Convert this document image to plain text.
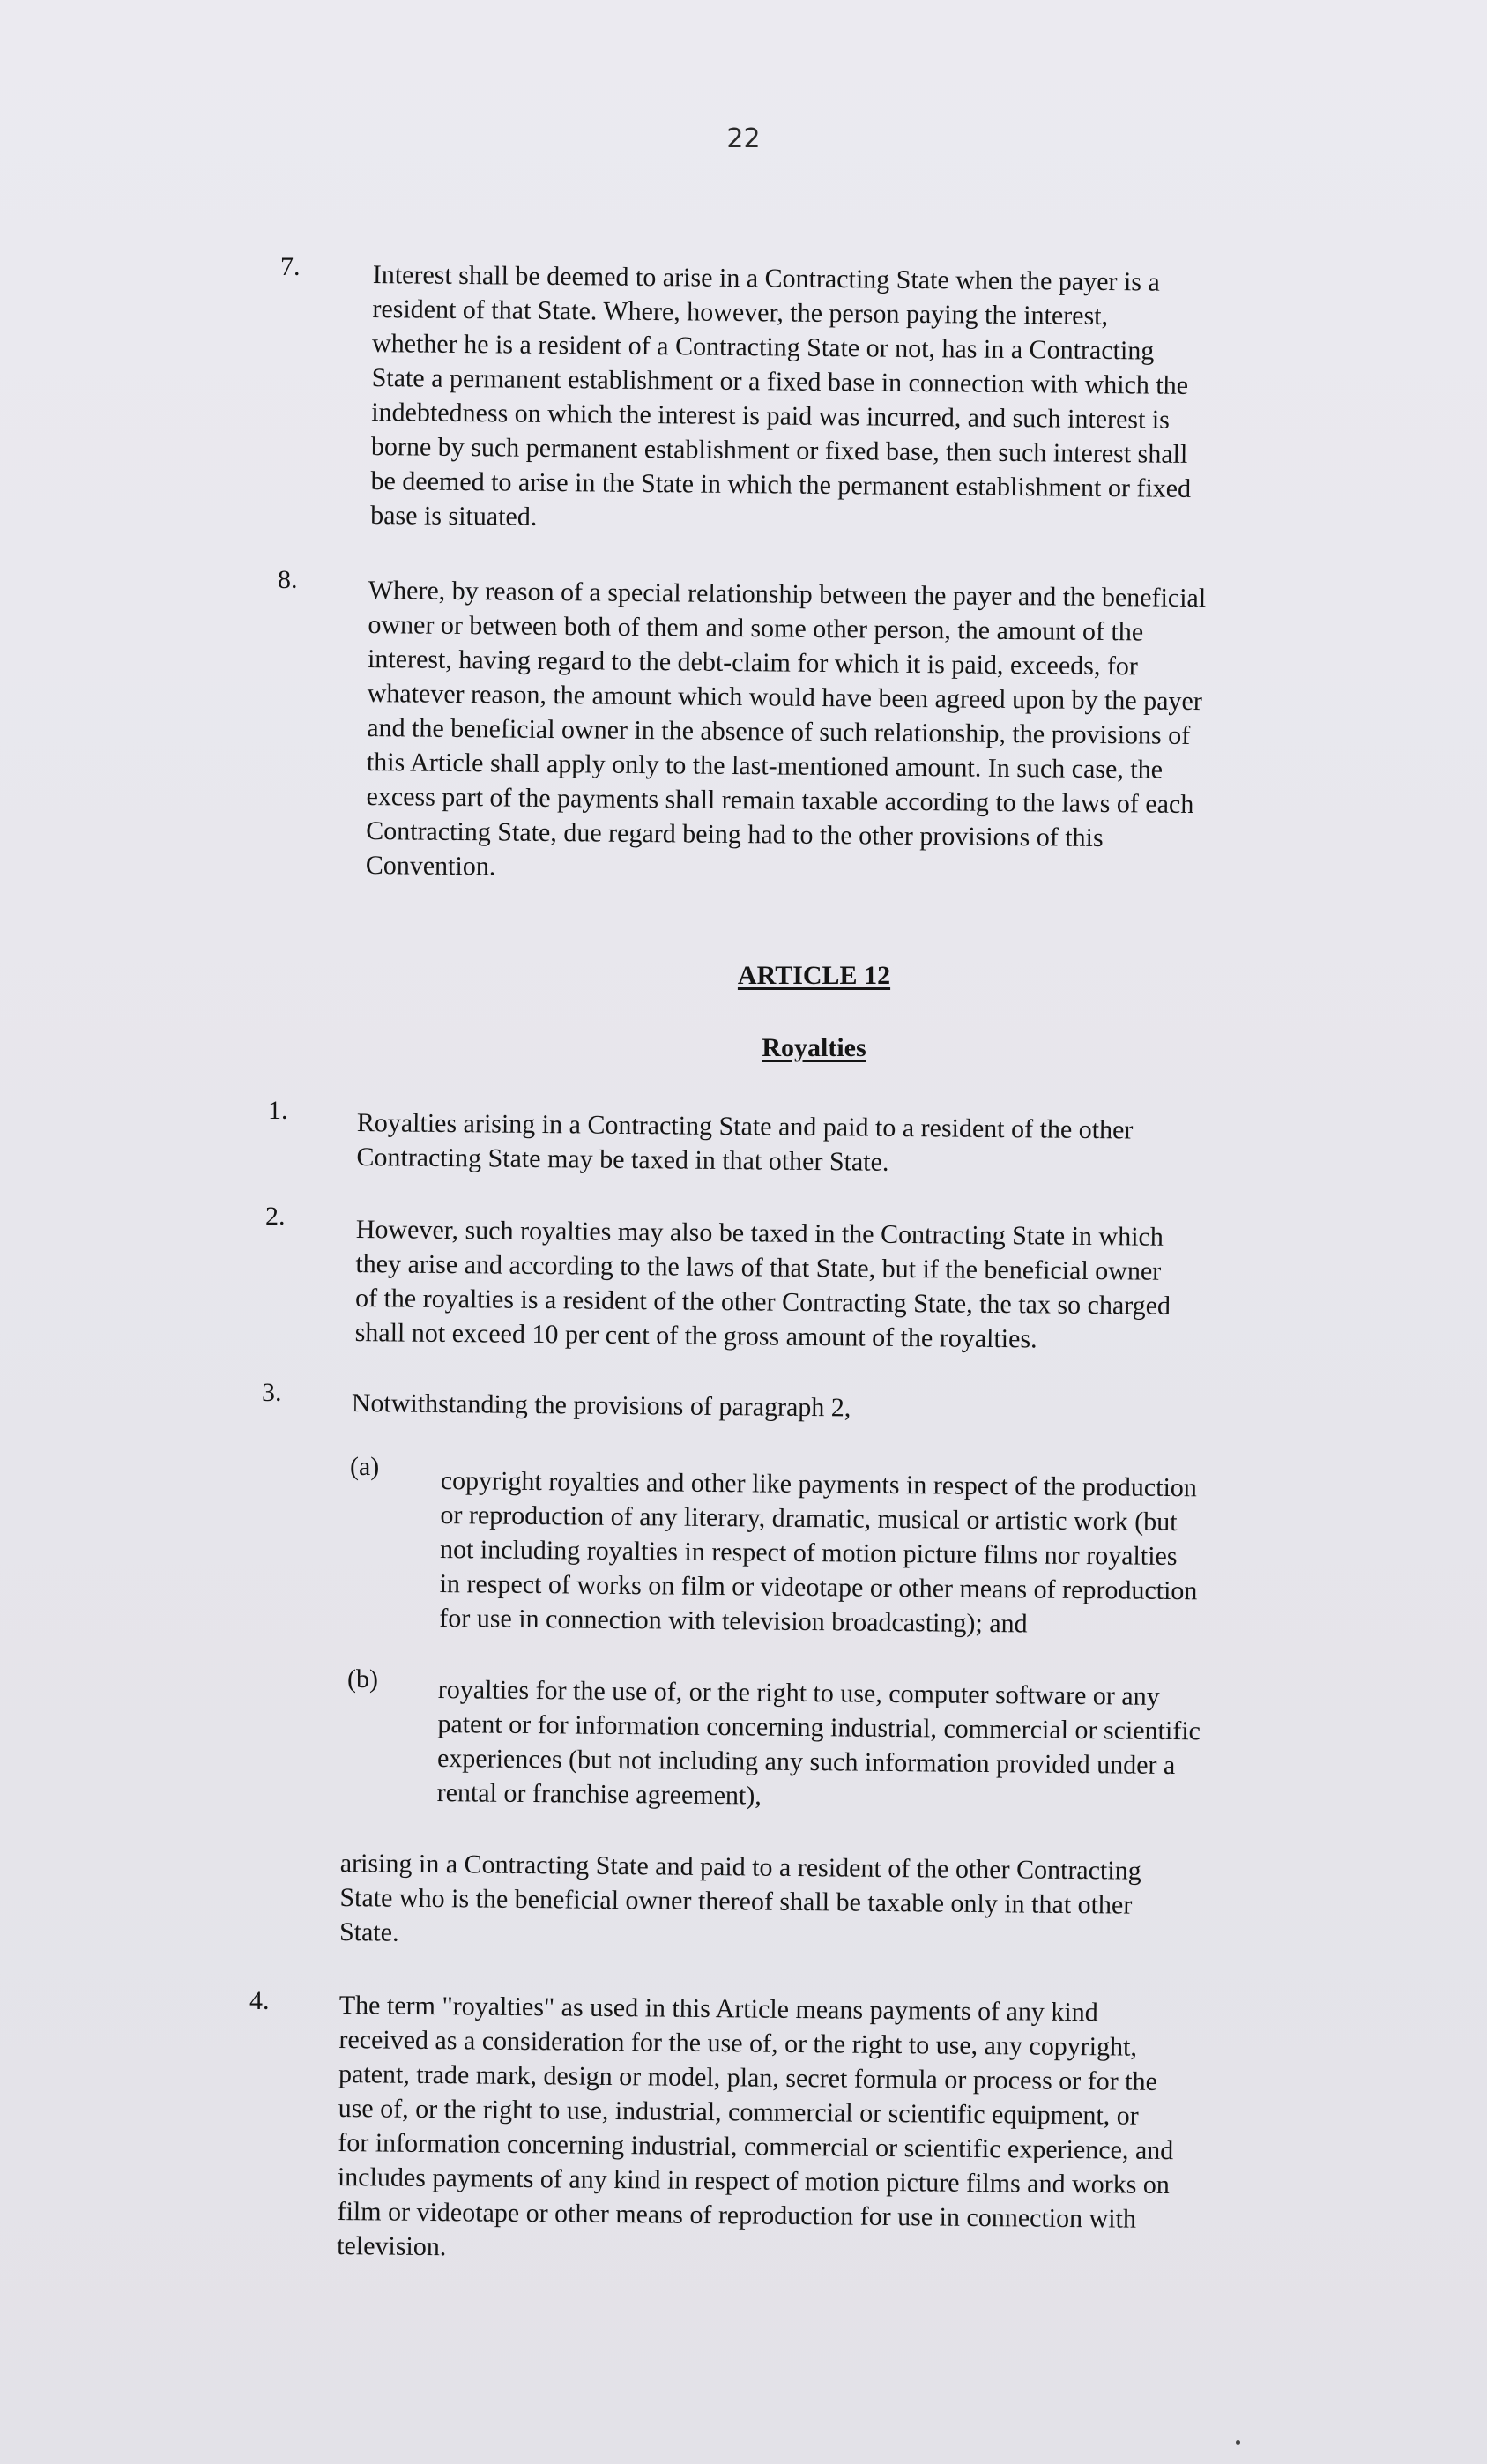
22
7.	Interest shall be deemed to arise in a Contracting State when the payer is a
resident of that State. Where, however, the person paying the interest,
whether he is a resident of a Contracting State or not, has in a Contracting
State a permanent establishment or a fixed base in connection with which the
indebtedness on which the interest is paid was incurred, and such interest is
borne by such permanent establishment or fixed base, then such interest shall
be deemed to arise in the State in which the permanent establishment or fixed
base is situated.
8.	Where, by reason of a special relationship between the payer and the beneficial
owner or between both of them and some other person, the amount of the
interest, having regard to the debt-claim for which it is paid, exceeds, for
whatever reason, the amount which would have been agreed upon by the payer
and the beneficial owner in the absence of such relationship, the provisions of
this Article shall apply only to the last-mentioned amount. In such case, the
excess part of the payments shall remain taxable according to the laws of each
Contracting State, due regard being had to the other provisions of this
Convention.
ARTICLE 12
Royalties
1.	Royalties arising in a Contracting State and paid to a resident of the other
Contracting State may be taxed in that other State.
2.	However, such royalties may also be taxed in the Contracting State in which
they arise and according to the laws of that State, but if the beneficial owner
of the royalties is a resident of the other Contracting State, the tax so charged
shall not exceed 10 per cent of the gross amount of the royalties.
3.	Notwithstanding the provisions of paragraph 2,
(a) copyright royalties and other like payments in respect of the production
or reproduction of any literary, dramatic, musical or artistic work (but
not including royalties in respect of motion picture films nor royalties
in respect of works on film or videotape or other means of reproduction
for use in connection with television broadcasting); and
(b) royalties for the use of, or the right to use, computer software or any
patent or for information concerning industrial, commercial or scientific
experiences (but not including any such information provided under a
rental or franchise agreement),
arising in a Contracting State and paid to a resident of the other Contracting
State who is the beneficial owner thereof shall be taxable only in that other
State.
4.	The term "royalties" as used in this Article means payments of any kind
received as a consideration for the use of, or the right to use, any copyright,
patent, trade mark, design or model, plan, secret formula or process or for the
use of, or the right to use, industrial, commercial or scientific equipment, or
for information concerning industrial, commercial or scientific experience, and
includes payments of any kind in respect of motion picture films and works on
film or videotape or other means of reproduction for use in connection with
television.
